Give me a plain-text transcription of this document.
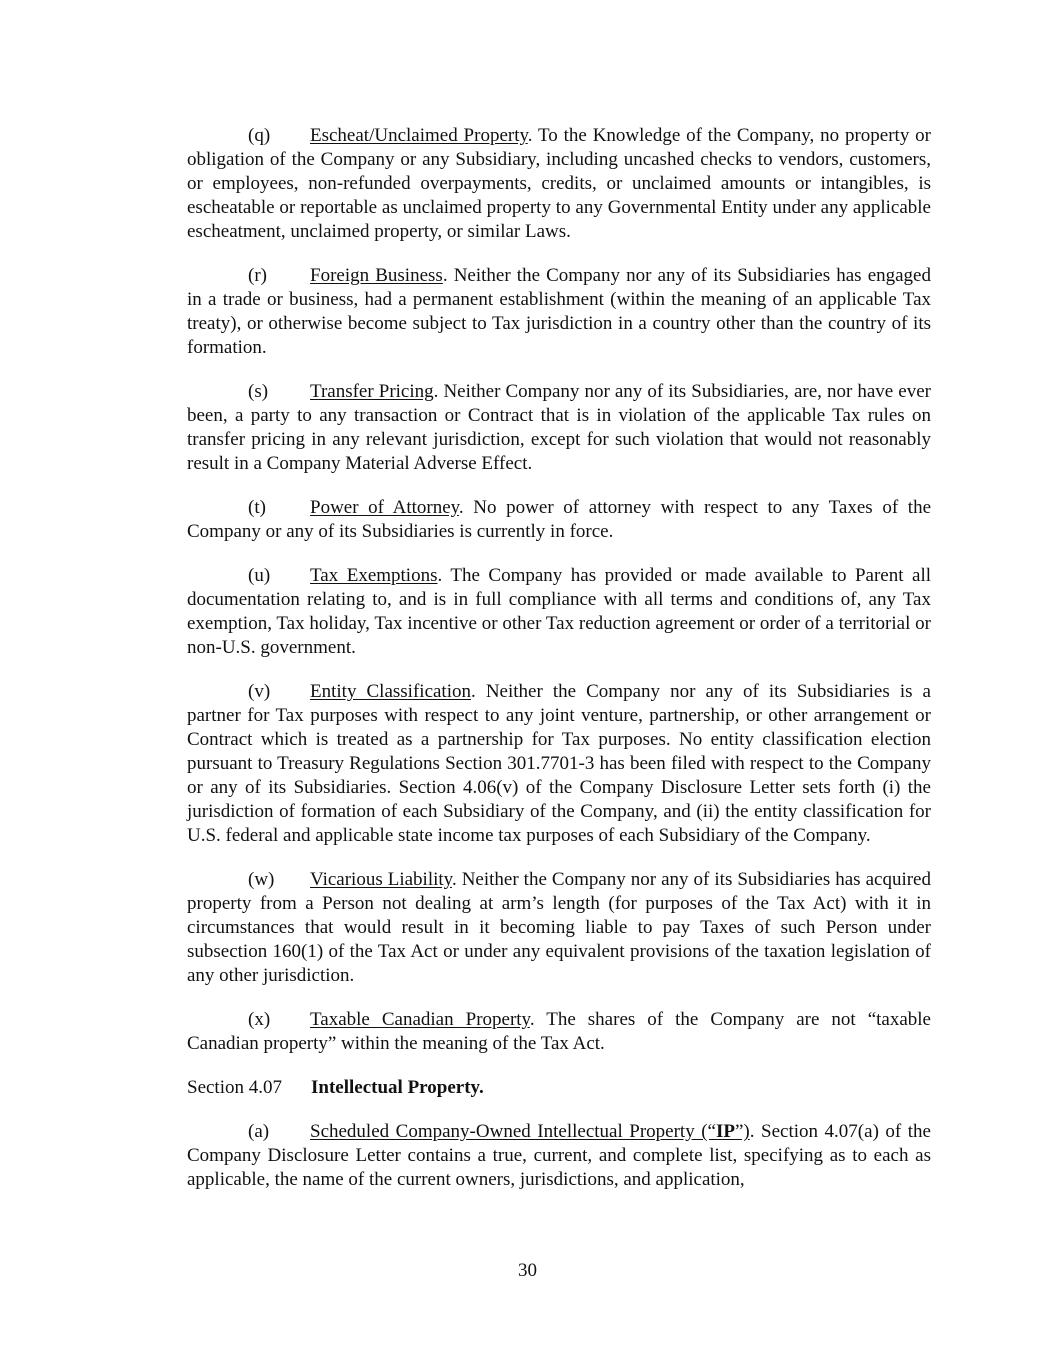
(q) Escheat/Unclaimed Property. To the Knowledge of the Company, no property or obligation of the Company or any Subsidiary, including uncashed checks to vendors, customers, or employees, non-refunded overpayments, credits, or unclaimed amounts or intangibles, is escheatable or reportable as unclaimed property to any Governmental Entity under any applicable escheatment, unclaimed property, or similar Laws.

(r) Foreign Business. Neither the Company nor any of its Subsidiaries has engaged in a trade or business, had a permanent establishment (within the meaning of an applicable Tax treaty), or otherwise become subject to Tax jurisdiction in a country other than the country of its formation.

(s) Transfer Pricing. Neither Company nor any of its Subsidiaries, are, nor have ever been, a party to any transaction or Contract that is in violation of the applicable Tax rules on transfer pricing in any relevant jurisdiction, except for such violation that would not reasonably result in a Company Material Adverse Effect.

(t) Power of Attorney. No power of attorney with respect to any Taxes of the Company or any of its Subsidiaries is currently in force.

(u) Tax Exemptions. The Company has provided or made available to Parent all documentation relating to, and is in full compliance with all terms and conditions of, any Tax exemption, Tax holiday, Tax incentive or other Tax reduction agreement or order of a territorial or non-U.S. government.

(v) Entity Classification. Neither the Company nor any of its Subsidiaries is a partner for Tax purposes with respect to any joint venture, partnership, or other arrangement or Contract which is treated as a partnership for Tax purposes. No entity classification election pursuant to Treasury Regulations Section 301.7701-3 has been filed with respect to the Company or any of its Subsidiaries. Section 4.06(v) of the Company Disclosure Letter sets forth (i) the jurisdiction of formation of each Subsidiary of the Company, and (ii) the entity classification for U.S. federal and applicable state income tax purposes of each Subsidiary of the Company.

(w) Vicarious Liability. Neither the Company nor any of its Subsidiaries has acquired property from a Person not dealing at arm’s length (for purposes of the Tax Act) with it in circumstances that would result in it becoming liable to pay Taxes of such Person under subsection 160(1) of the Tax Act or under any equivalent provisions of the taxation legislation of any other jurisdiction.

(x) Taxable Canadian Property. The shares of the Company are not “taxable Canadian property” within the meaning of the Tax Act.

Section 4.07 Intellectual Property.

(a) Scheduled Company-Owned Intellectual Property (“IP”). Section 4.07(a) of the Company Disclosure Letter contains a true, current, and complete list, specifying as to each as applicable, the name of the current owners, jurisdictions, and application,

30
